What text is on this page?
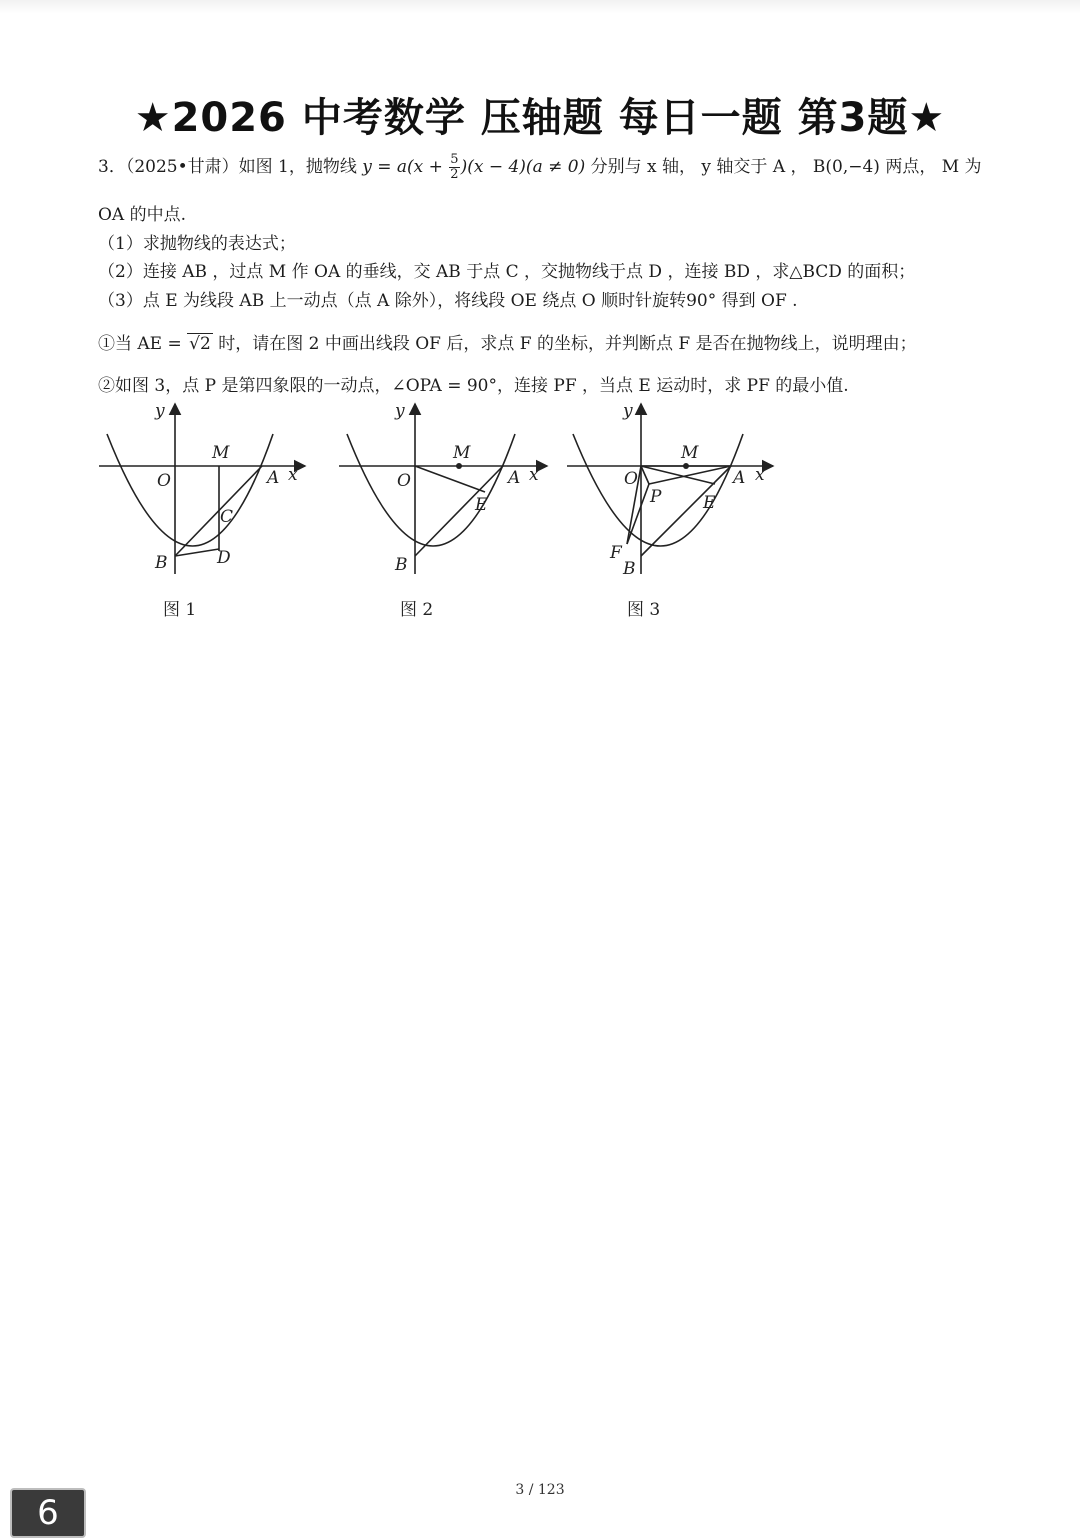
★2026 中考数学 压轴题 每日一题 第3题★
3．（2025•甘肃）如图 1，抛物线 $y = a(x + \frac{5}{2} )(x - 4)(a \ne 0)$ 分别与 x 轴， y 轴交于 A ， B(0,−4) 两点， M 为
OA 的中点.
（1）求抛物线的表达式；
（2）连接 AB ，过点 M 作 OA 的垂线，交 AB 于点 C ，交抛物线于点 D ，连接 BD ，求△BCD 的面积；
（3）点 E 为线段 AB 上一动点（点 A 除外），将线段 OE 绕点 O 顺时针旋转90° 得到 OF .
①当 AE = √2 时，请在图 2 中画出线段 OF 后，求点 F 的坐标，并判断点 F 是否在抛物线上，说明理由；
②如图 3，点 P 是第四象限的一动点，∠OPA = 90°，连接 PF ，当点 E 运动时，求 PF 的最小值.
y
x
O	A
B
M
C
D
图 1
y
x
O	A
B
M
E
图 2
y
x
O	A
B
M
E
P
F
图 3
3 / 123
6
